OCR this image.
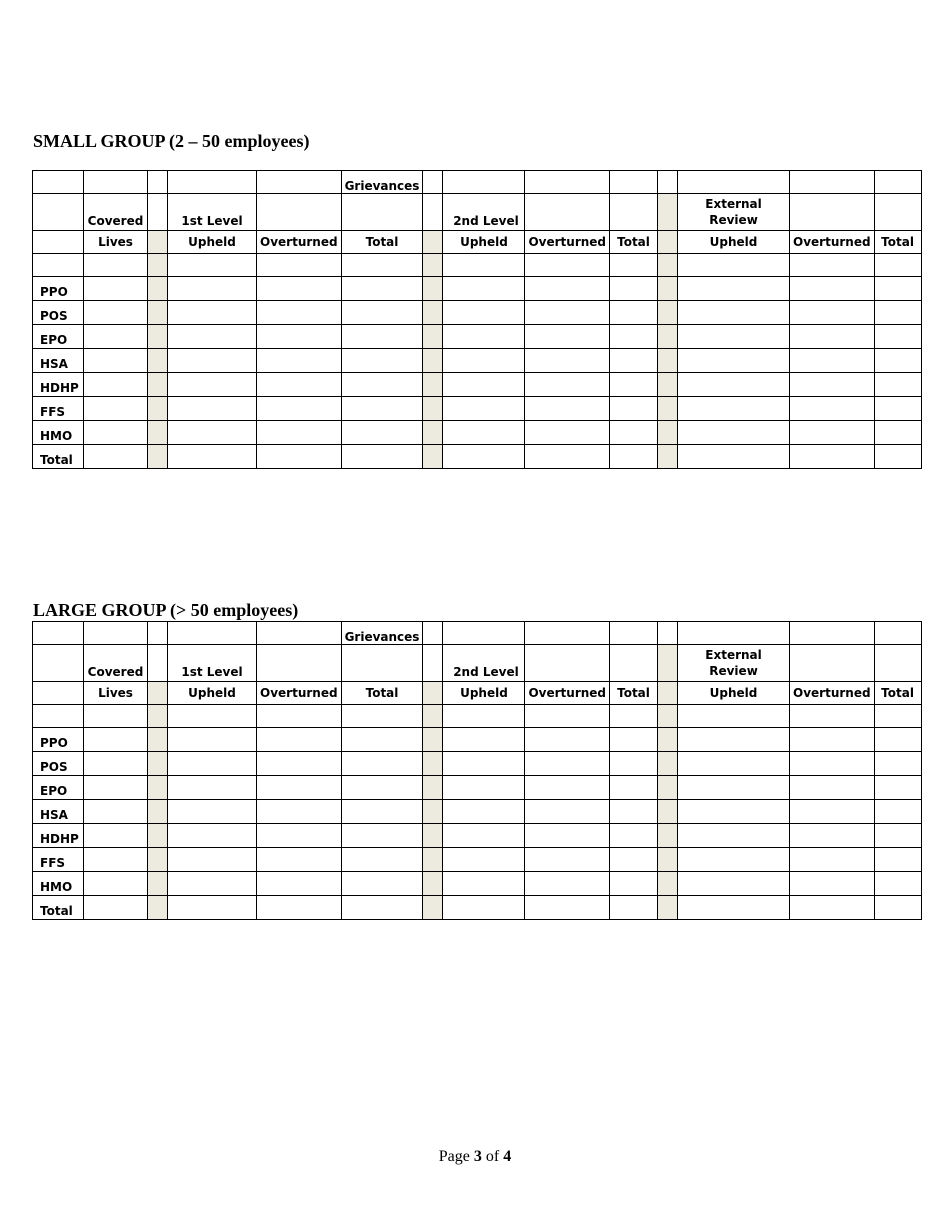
SMALL GROUP (2 – 50 employees)
					Grievances								
	Covered		1st Level				2nd Level				External Review		
	Lives		Upheld	Overturned	Total		Upheld	Overturned	Total		Upheld	Overturned	Total

PPO													
POS													
EPO													
HSA													
HDHP													
FFS													
HMO													
Total													
LARGE GROUP (> 50 employees)
					Grievances								
	Covered		1st Level				2nd Level				External Review		
	Lives		Upheld	Overturned	Total		Upheld	Overturned	Total		Upheld	Overturned	Total

PPO													
POS													
EPO													
HSA													
HDHP													
FFS													
HMO													
Total													
Page 3 of 4
